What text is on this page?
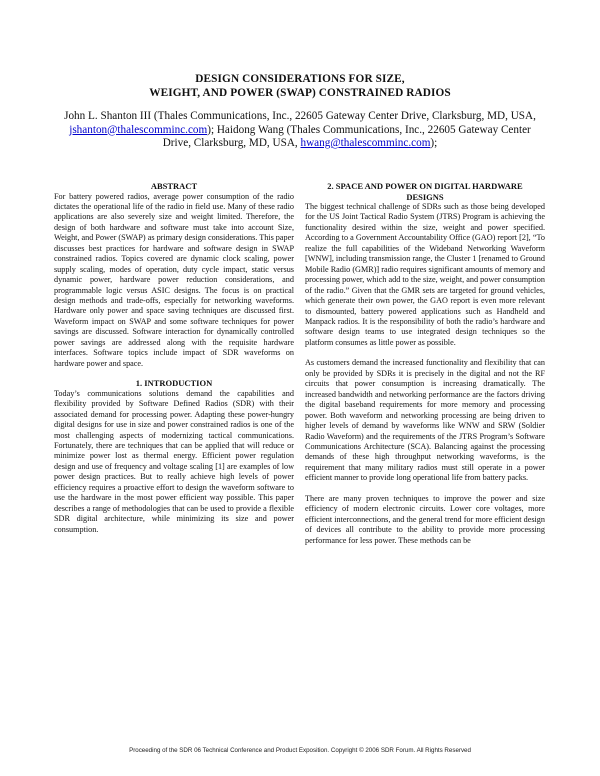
DESIGN CONSIDERATIONS FOR SIZE,
WEIGHT, AND POWER (SWAP) CONSTRAINED RADIOS
John L. Shanton III (Thales Communications, Inc., 22605 Gateway Center Drive, Clarksburg, MD, USA, jshanton@thalescomminc.com); Haidong Wang (Thales Communications, Inc., 22605 Gateway Center Drive, Clarksburg, MD, USA, hwang@thalescomminc.com);

ABSTRACT

For battery powered radios, average power consumption of the radio dictates the operational life of the radio in field use. Many of these radio applications are also severely size and weight limited. Therefore, the design of both hardware and software must take into account Size, Weight, and Power (SWAP) as primary design considerations. This paper discusses best practices for hardware and software design in SWAP constrained radios. Topics covered are dynamic clock scaling, power supply scaling, modes of operation, duty cycle impact, static versus dynamic power, hardware power reduction considerations, and programmable logic versus ASIC designs. The focus is on practical design methods and trade-offs, especially for networking waveforms. Hardware only power and space saving techniques are discussed first. Waveform impact on SWAP and some software techniques for power savings are discussed. Software interaction for dynamically controlled power savings are addressed along with the requisite hardware interfaces. Software topics include impact of SDR waveforms on hardware power and space.

1. INTRODUCTION

Today’s communications solutions demand the capabilities and flexibility provided by Software Defined Radios (SDR) with their associated demand for processing power. Adapting these power-hungry digital designs for use in size and power constrained radios is one of the most challenging aspects of modernizing tactical communications. Fortunately, there are techniques that can be applied that will reduce or minimize power lost as thermal energy. Efficient power regulation design and use of frequency and voltage scaling [1] are examples of low power design practices. But to really achieve high levels of power efficiency requires a proactive effort to design the waveform software to use the hardware in the most power efficient way possible. This paper describes a range of methodologies that can be used to provide a flexible SDR digital architecture, while minimizing its size and power consumption.

2. SPACE AND POWER ON DIGITAL HARDWARE
DESIGNS

The biggest technical challenge of SDRs such as those being developed for the US Joint Tactical Radio System (JTRS) Program is achieving the functionality desired within the size, weight and power specified. According to a Government Accountability Office (GAO) report [2], “To realize the full capabilities of the Wideband Networking Waveform [WNW], including transmission range, the Cluster 1 [renamed to Ground Mobile Radio (GMR)] radio requires significant amounts of memory and processing power, which add to the size, weight, and power consumption of the radio.” Given that the GMR sets are targeted for ground vehicles, which generate their own power, the GAO report is even more relevant to dismounted, battery powered applications such as Handheld and Manpack radios. It is the responsibility of both the radio’s hardware and software design teams to use integrated design techniques so the platform consumes as little power as possible.

As customers demand the increased functionality and flexibility that can only be provided by SDRs it is precisely in the digital and not the RF circuits that power consumption is increasing dramatically. The increased bandwidth and networking performance are the factors driving the digital baseband requirements for more memory and processing power. Both waveform and networking processing are being driven to higher levels of demand by waveforms like WNW and SRW (Soldier Radio Waveform) and the requirements of the JTRS Program’s Software Communications Architecture (SCA). Balancing against the processing demands of these high throughput networking waveforms, is the requirement that many military radios must still operate in a power efficient manner to provide long operational life from battery packs.

There are many proven techniques to improve the power and size efficiency of modern electronic circuits. Lower core voltages, more efficient interconnections, and the general trend for more efficient design of devices all contribute to the ability to provide more processing performance for less power. These methods can be

Proceeding of the SDR 06 Technical Conference and Product Exposition. Copyright © 2006 SDR Forum. All Rights Reserved
